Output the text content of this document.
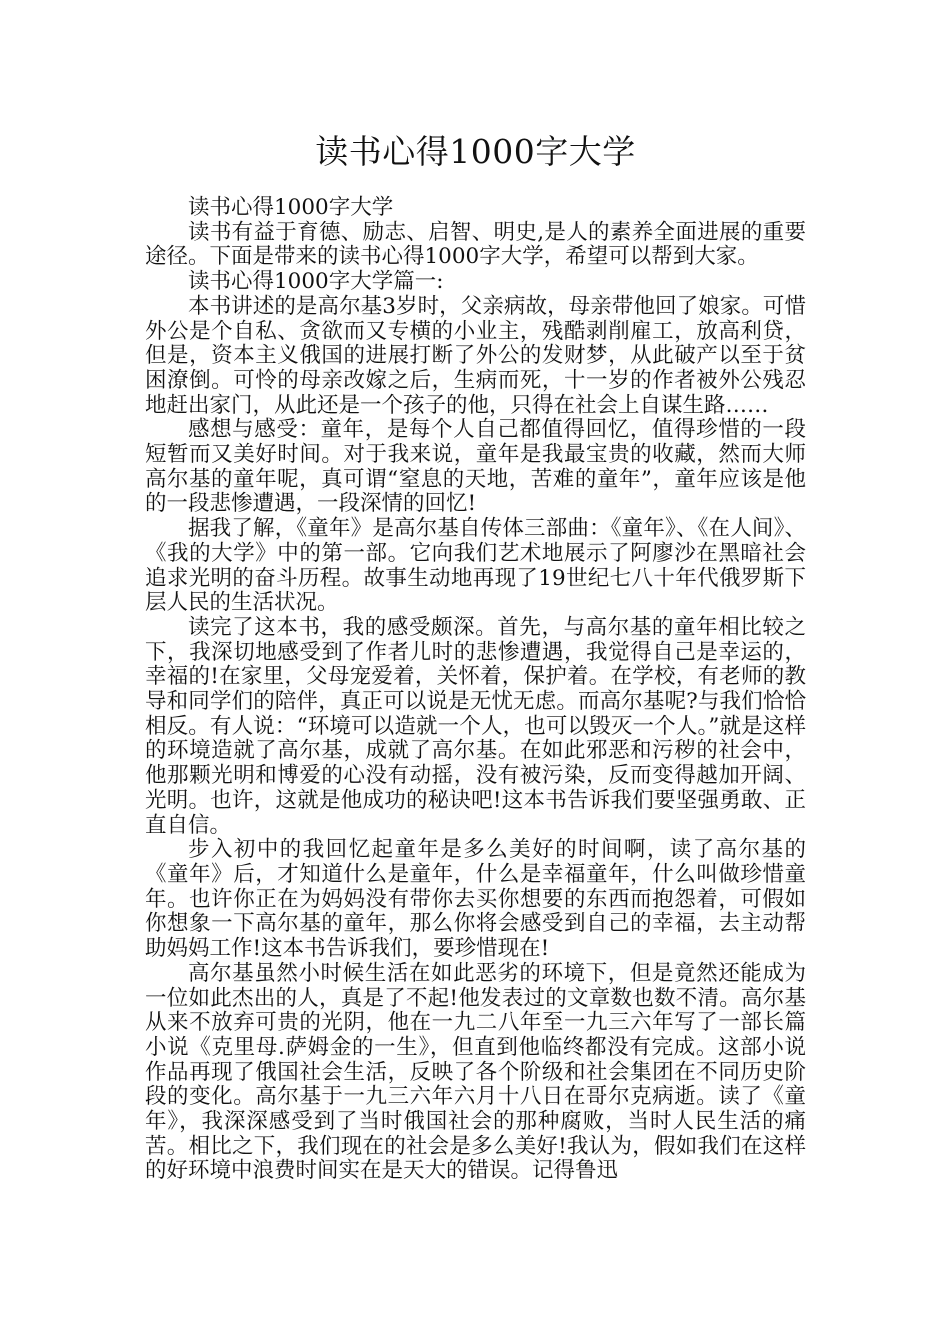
读书心得1000字大学

读书心得1000字大学

读书有益于育德、励志、启智、明史,是人的素养全面进展的重要途径。下面是带来的读书心得1000字大学，希望可以帮到大家。

读书心得1000字大学篇一:

本书讲述的是高尔基3岁时，父亲病故，母亲带他回了娘家。可惜外公是个自私、贪欲而又专横的小业主，残酷剥削雇工，放高利贷，但是，资本主义俄国的进展打断了外公的发财梦，从此破产以至于贫困潦倒。可怜的母亲改嫁之后，生病而死，十一岁的作者被外公残忍地赶出家门，从此还是一个孩子的他，只得在社会上自谋生路……

感想与感受：童年，是每个人自己都值得回忆，值得珍惜的一段短暂而又美好时间。对于我来说，童年是我最宝贵的收藏，然而大师高尔基的童年呢，真可谓“窒息的天地，苦难的童年”，童年应该是他的一段悲惨遭遇，一段深情的回忆!

据我了解，《童年》是高尔基自传体三部曲：《童年》、《在人间》、《我的大学》中的第一部。它向我们艺术地展示了阿廖沙在黑暗社会追求光明的奋斗历程。故事生动地再现了19世纪七八十年代俄罗斯下层人民的生活状况。

读完了这本书，我的感受颇深。首先，与高尔基的童年相比较之下，我深切地感受到了作者儿时的悲惨遭遇，我觉得自己是幸运的，幸福的!在家里，父母宠爱着，关怀着，保护着。在学校，有老师的教导和同学们的陪伴，真正可以说是无忧无虑。而高尔基呢?与我们恰恰相反。有人说：“环境可以造就一个人，也可以毁灭一个人。”就是这样的环境造就了高尔基，成就了高尔基。在如此邪恶和污秽的社会中，他那颗光明和博爱的心没有动摇，没有被污染，反而变得越加开阔、光明。也许，这就是他成功的秘诀吧!这本书告诉我们要坚强勇敢、正直自信。

步入初中的我回忆起童年是多么美好的时间啊，读了高尔基的《童年》后，才知道什么是童年，什么是幸福童年，什么叫做珍惜童年。也许你正在为妈妈没有带你去买你想要的东西而抱怨着，可假如你想象一下高尔基的童年，那么你将会感受到自己的幸福，去主动帮助妈妈工作!这本书告诉我们，要珍惜现在!

高尔基虽然小时候生活在如此恶劣的环境下，但是竟然还能成为一位如此杰出的人，真是了不起!他发表过的文章数也数不清。高尔基从来不放弃可贵的光阴，他在一九二八年至一九三六年写了一部长篇小说《克里母.萨姆金的一生》，但直到他临终都没有完成。这部小说作品再现了俄国社会生活，反映了各个阶级和社会集团在不同历史阶段的变化。高尔基于一九三六年六月十八日在哥尔克病逝。读了《童年》，我深深感受到了当时俄国社会的那种腐败，当时人民生活的痛苦。相比之下，我们现在的社会是多么美好!我认为，假如我们在这样的好环境中浪费时间实在是天大的错误。记得鲁迅
